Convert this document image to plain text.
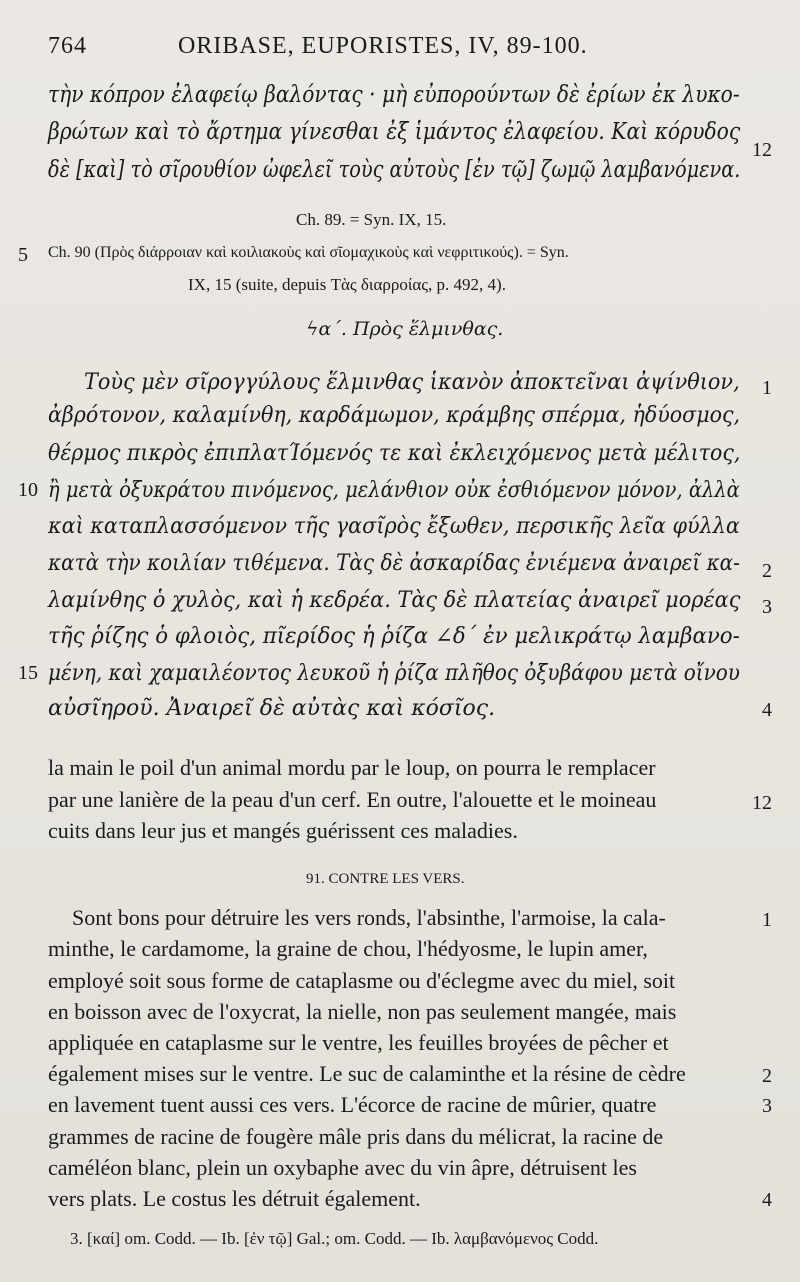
764	ORIBASE, EUPORISTES, IV, 89-100.
τὴν κόπρον ἐλαφείῳ βαλόντας · μὴ εὐπορούντων δὲ ἐρίων ἐκ λυκο-
βρώτων καὶ τὸ ἄρτημα γίνεσθαι ἐξ ἱμάντος ἐλαφείου. Καὶ κόρυδος
δὲ [καὶ] τὸ σῖρουθίον ὠφελεῖ τοὺς αὐτοὺς [ἐν τῷ] ζωμῷ λαμβανόμενα.
12
Ch. 89. = Syn. IX, 15.
5 Ch. 90 (Πρὸς διάρροιαν καὶ κοιλιακοὺς καὶ σῖομαχικοὺς καὶ νεφριτικούς). = Syn.
IX, 15 (suite, depuis Τὰς διαρροίας, p. 492, 4).
ϟα΄. Πρὸς ἕλμινθας.
Τοὺς μὲν σῖρογγύλους ἕλμινθας ἱκανὸν ἀποκτεῖναι ἀψίνθιον, 1
ἀβρότονον, καλαμίνθη, καρδάμωμον, κράμβης σπέρμα, ἡδύοσμος,
θέρμος πικρὸς ἐπιπλατΊόμενός τε καὶ ἐκλειχόμενος μετὰ μέλιτος,
10 ἢ μετὰ ὀξυκράτου πινόμενος, μελάνθιον οὐκ ἐσθιόμενον μόνον, ἀλλὰ
καὶ καταπλασσόμενον τῆς γασῖρὸς ἔξωθεν, περσικῆς λεῖα φύλλα
κατὰ τὴν κοιλίαν τιθέμενα. Τὰς δὲ ἀσκαρίδας ἐνιέμενα ἀναιρεῖ κα- 2
λαμίνθης ὁ χυλὸς, καὶ ἡ κεδρέα. Τὰς δὲ πλατείας ἀναιρεῖ μορέας 3
τῆς ῥίζης ὁ φλοιὸς, πῖερίδος ἡ ῥίζα ∠δ΄ ἐν μελικράτῳ λαμβανο-
15 μένη, καὶ χαμαιλέοντος λευκοῦ ἡ ῥίζα πλῆθος ὀξυβάφου μετὰ οἴνου
αὐσῖηροῦ. Ἀναιρεῖ δὲ αὐτὰς καὶ κόσῖος.	4
la main le poil d'un animal mordu par le loup, on pourra le remplacer
par une lanière de la peau d'un cerf. En outre, l'alouette et le moineau	12
cuits dans leur jus et mangés guérissent ces maladies.
91. CONTRE LES VERS.
Sont bons pour détruire les vers ronds, l'absinthe, l'armoise, la cala-	1
minthe, le cardamome, la graine de chou, l'hédyosme, le lupin amer,
employé soit sous forme de cataplasme ou d'éclegme avec du miel, soit
en boisson avec de l'oxycrat, la nielle, non pas seulement mangée, mais
appliquée en cataplasme sur le ventre, les feuilles broyées de pêcher et
également mises sur le ventre. Le suc de calaminthe et la résine de cèdre	2
en lavement tuent aussi ces vers. L'écorce de racine de mûrier, quatre	3
grammes de racine de fougère mâle pris dans du mélicrat, la racine de
caméléon blanc, plein un oxybaphe avec du vin âpre, détruisent les
vers plats. Le costus les détruit également.	4
3. [καί] om. Codd. — Ib. [ἐν τῷ] Gal.; om. Codd. — Ib. λαμβανόμενος Codd.
